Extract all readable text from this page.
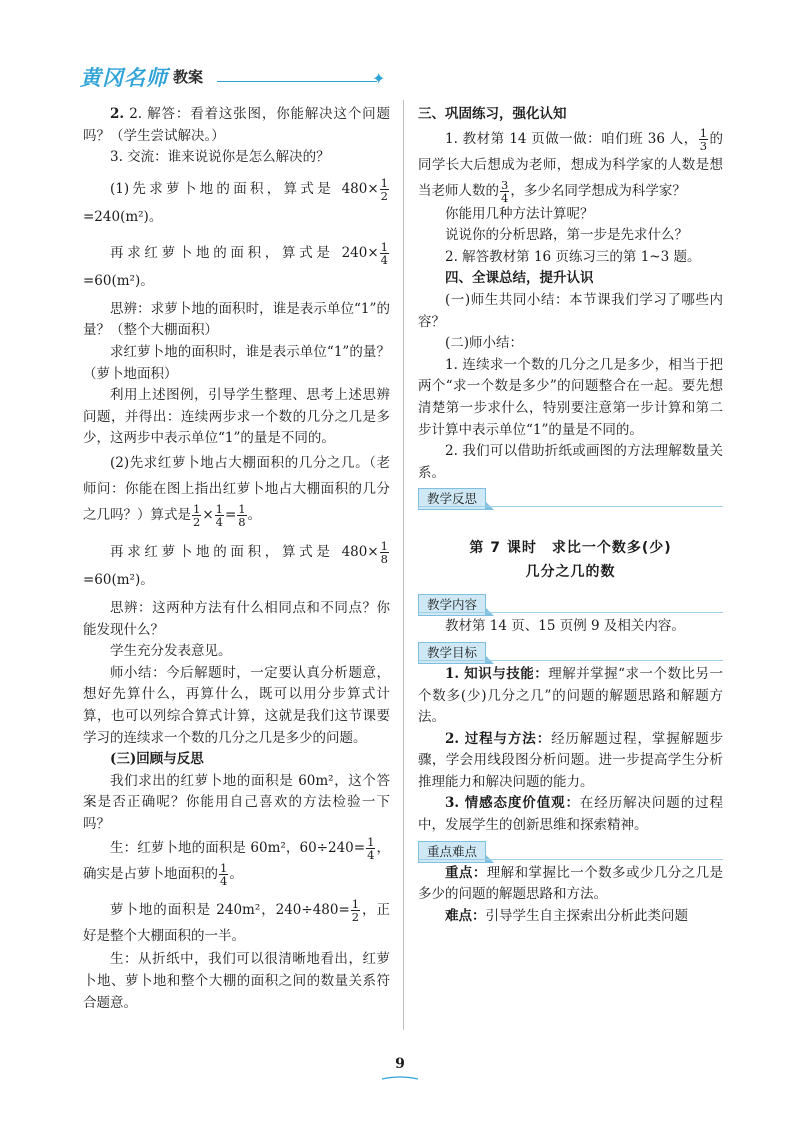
黄冈名师 教案	✦

2. 2. 解答：看着这张图，你能解决这个问题吗？（学生尝试解决。）

3. 交流：谁来说说你是怎么解决的？

(1)先求萝卜地的面积，算式是 $480\times \frac{1}{2}$
=240(m²)。

再求红萝卜地的面积，算式是 $240\times \frac{1}{4}$
=60(m²)。

思辨：求萝卜地的面积时，谁是表示单位“1”的量？（整个大棚面积）

求红萝卜地的面积时，谁是表示单位“1”的量？（萝卜地面积）

利用上述图例，引导学生整理、思考上述思辨问题，并得出：连续两步求一个数的几分之几是多少，这两步中表示单位“1”的量是不同的。

(2)先求红萝卜地占大棚面积的几分之几。（老师问：你能在图上指出红萝卜地占大棚面积的几分之几吗？）算式是 $\frac{1}{2} \times \frac{1}{4} = \frac{1}{8}$ 。

再求红萝卜地的面积，算式是 $480\times \frac{1}{8}$
=60(m²)。

思辨：这两种方法有什么相同点和不同点？你能发现什么？

学生充分发表意见。

师小结：今后解题时，一定要认真分析题意，想好先算什么，再算什么，既可以用分步算式计算，也可以列综合算式计算，这就是我们这节课要学习的连续求一个数的几分之几是多少的问题。

(三)回顾与反思

我们求出的红萝卜地的面积是 60m²，这个答案是否正确呢？你能用自己喜欢的方法检验一下吗？

生：红萝卜地的面积是 60m²，$60\div 240= \frac{1}{4}$ ，确实是占萝卜地面积的 $\frac{1}{4}$ 。

萝卜地的面积是 240m²，$240\div 480= \frac{1}{2}$ ，正好是整个大棚面积的一半。

生：从折纸中，我们可以很清晰地看出，红萝卜地、萝卜地和整个大棚的面积之间的数量关系符合题意。

三、巩固练习，强化认知

1. 教材第 14 页做一做：咱们班 36 人， $\frac{1}{3}$ 的同学长大后想成为老师，想成为科学家的人数是想当老师人数的 $\frac{3}{4}$ ，多少名同学想成为科学家？

你能用几种方法计算呢？

说说你的分析思路，第一步是先求什么？

2. 解答教材第 16 页练习三的第 1~3 题。

四、全课总结，提升认识

(一)师生共同小结：本节课我们学习了哪些内容？

(二)师小结：

1. 连续求一个数的几分之几是多少，相当于把两个“求一个数是多少”的问题整合在一起。要先想清楚第一步求什么，特别要注意第一步计算和第二步计算中表示单位“1”的量是不同的。

2. 我们可以借助折纸或画图的方法理解数量关系。

教学反思
第 7 课时　求比一个数多(少)
几分之几的数
教学内容

教材第 14 页、15 页例 9 及相关内容。

教学目标

1. 知识与技能：理解并掌握“求一个数比另一个数多(少)几分之几”的问题的解题思路和解题方法。

2. 过程与方法：经历解题过程，掌握解题步骤，学会用线段图分析问题。进一步提高学生分析推理能力和解决问题的能力。

3. 情感态度价值观：在经历解决问题的过程中，发展学生的创新思维和探索精神。

重点难点

重点：理解和掌握比一个数多或少几分之几是多少的问题的解题思路和方法。

难点：引导学生自主探索出分析此类问题

9
